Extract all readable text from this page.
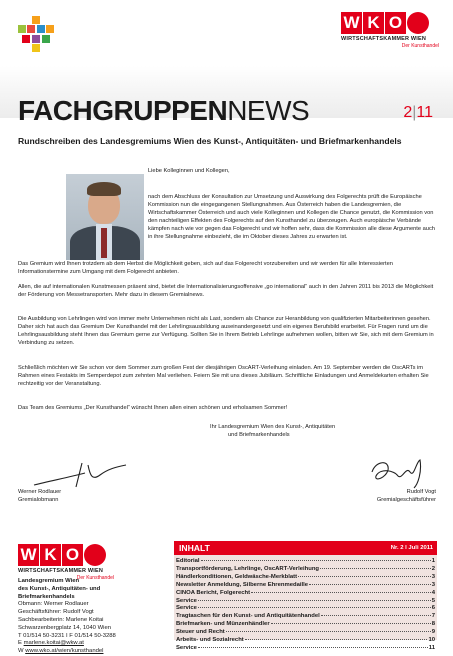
W K O
WIRTSCHAFTSKAMMER WIEN
Der Kunsthandel
FACHGRUPPENNEWS	2|11
Rundschreiben des Landesgremiums Wien des Kunst-, Antiquitäten- und Briefmarkenhandels

Liebe Kolleginnen und Kollegen,

nach dem Abschluss der Konsultation zur Umsetzung und Auswirkung des Folgerechts prüft die Europäische Kommission nun die eingegangenen Stellungnahmen. Aus Österreich haben die Landesgremien, die Wirtschaftskammer Österreich und auch viele Kolleginnen und Kollegen die Chance genutzt, die Kommission von den nachteiligen Effekten des Folgerechts auf den Kunsthandel zu überzeugen. Auch europäische Verbände kämpfen nach wie vor gegen das Folgerecht und wir hoffen sehr, dass die Kommission alle diese Argumente auch in ihre Stellungnahme einbezieht, die im Oktober dieses Jahres zu erwarten ist.

Das Gremium wird Ihnen trotzdem ab dem Herbst die Möglichkeit geben, sich auf das Folgerecht vorzubereiten und wir werden für alle Interessierten Informationstermine zum Umgang mit dem Folgerecht anbieten.

Allen, die auf internationalen Kunstmessen präsent sind, bietet die Internationalisierungsoffensive „go international“ auch in den Jahren 2011 bis 2013 die Möglichkeit der Förderung von Messetransporten. Mehr dazu in diesem Gremialnews.

Die Ausbildung von Lehrlingen wird von immer mehr Unternehmen nicht als Last, sondern als Chance zur Heranbildung von qualifizierten Mitarbeiterinnen gesehen. Daher sich hat auch das Gremium Der Kunsthandel mit der Lehrlingsausbildung auseinandergesetzt und ein eigenes Berufsbild erarbeitet. Für Fragen rund um die Lehrlingsausbildung steht Ihnen das Gremium gerne zur Verfügung. Sollten Sie in Ihrem Betrieb Lehrlinge aufnehmen wollen, bitten wir Sie, sich mit dem Gremium in Verbindung zu setzen.

Schließlich möchten wir Sie schon vor dem Sommer zum großen Fest der diesjährigen OscART-Verleihung einladen. Am 19. September werden die OscARTs im Rahmen eines Festakts im Semperdepot zum zehnten Mal verliehen. Feiern Sie mit uns dieses Jubiläum. Schriftliche Einladungen und Anmeldekarten erhalten Sie rechtzeitig vor der Veranstaltung.

Das Team des Gremiums „Der Kunsthandel“ wünscht Ihnen allen einen schönen und erholsamen Sommer!

Ihr Landesgremium Wien des Kunst-, Antiquitäten

und Briefmarkenhandels

Werner Rodlauer

Gremialobmann

Rudolf Vogt

Gremialgeschäftsführer

W K O
WIRTSCHAFTSKAMMER WIEN
Der Kunsthandel

Landesgremium Wien

des Kunst-, Antiquitäten- und

Briefmarkenhandels

Obmann: Werner Rodlauer

Geschäftsführer: Rudolf Vogt

Sachbearbeiterin: Marlene Koitai

Schwarzenbergplatz 14, 1040 Wien

T 01/514 50-3231 I F 01/514 50-3288

E marlene.koitai@wkw.at

W www.wko.at/wien/kunsthandel

INHALT	Nr. 2 I Juli 2011
Editorial	1
Transportförderung, Lehrlinge, OscART-Verleihung	2
Händlerkonditionen, Geldwäsche-Merkblatt	3
Newsletter Anmeldung, Silberne Ehrenmedaille	3
CINOA Bericht, Folgerecht	4
Service	5
Service	6
Tragtaschen für den Kunst- und Antiquitätenhandel	7
Briefmarken- und Münzenhändler	8
Steuer und Recht	9
Arbeits- und Sozialrecht	10
Service	11
